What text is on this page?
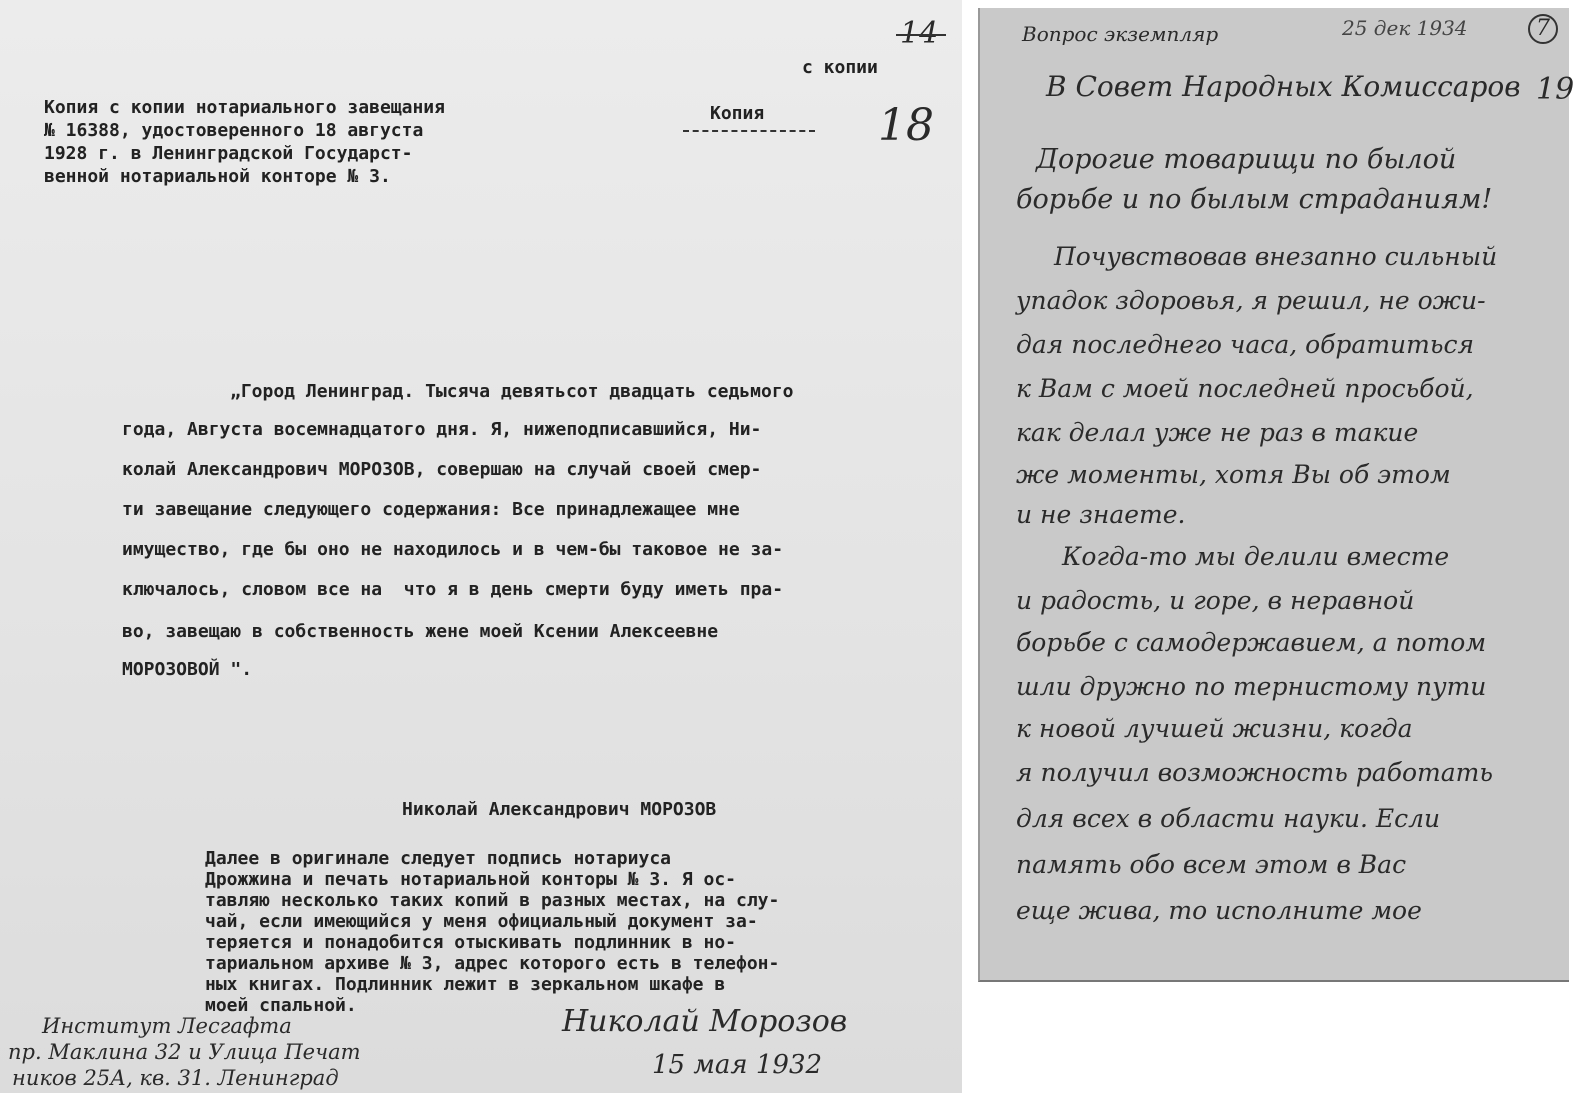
с копии
14
Копия с копии нотариального завещания
№ 16388, удостоверенного 18 августа
1928 г. в Ленинградской Государст-
венной нотариальной конторе № 3.
Копия	18
„Город Ленинград. Тысяча девятьсот двадцать седьмого
года, Августа восемнадцатого дня. Я, нижеподписавшийся, Ни-
колай Александрович МОРОЗОВ, совершаю на случай своей смер-
ти завещание следующего содержания: Все принадлежащее мне
имущество, где бы оно не находилось и в чем-бы таковое не за-
ключалось, словом все на  что я в день смерти буду иметь пра-
во, завещаю в собственность жене моей Ксении Алексеевне
МОРОЗОВОЙ ".
Николай Александрович МОРОЗОВ
Далее в оригинале следует подпись нотариуса
Дрожжина и печать нотариальной конторы № 3. Я ос-
тавляю несколько таких копий в разных местах, на слу-
чай, если имеющийся у меня официальный документ за-
теряется и понадобится отыскивать подлинник в но-
тариальном архиве № 3, адрес которого есть в телефон-
ных книгах. Подлинник лежит в зеркальном шкафе в
моей спальной.
Институт Лесгафта
пр. Маклина 32 и Улица Печат
ников 25А, кв. 31. Ленинград
Николай Морозов
15 мая 1932
Вопрос экземпляр	25 дек 1934	7
19
В Совет Народных Комиссаров
Дорогие товарищи по былой
борьбе и по былым страданиям!
Почувствовав внезапно сильный
упадок здоровья, я решил, не ожи-
дая последнего часа, обратиться
к Вам с моей последней просьбой,
как делал уже не раз в такие
же моменты, хотя Вы об этом
и не знаете.
Когда-то мы делили вместе
и радость, и горе, в неравной
борьбе с самодержавием, а потом
шли дружно по тернистому пути
к новой лучшей жизни, когда
я получил возможность работать
для всех в области науки. Если
память обо всем этом в Вас
еще жива, то исполните мое
